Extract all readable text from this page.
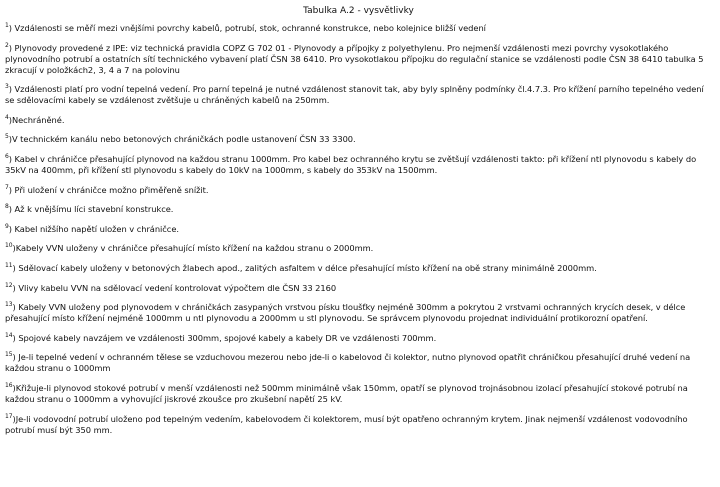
Tabulka A.2 - vysvětlivky
$^1$) Vzdálenosti se měří mezi vnějšími povrchy kabelů, potrubí, stok, ochranné konstrukce, nebo kolejnice bližší vedení
$^2$) Plynovody provedené z IPE: viz technická pravidla COPZ G 702 01 - Plynovody a přípojky z polyethylenu. Pro nejmenší vzdálenosti mezi povrchy vysokotlakého plynovodního potrubí a ostatních sítí technického vybavení platí ČSN 38 6410. Pro vysokotlakou přípojku do regulační stanice se vzdálenosti podle ČSN 38 6410 tabulka 5 zkracují v položkách2, 3, 4 a 7 na polovinu
$^3$) Vzdálenosti platí pro vodní tepelná vedení. Pro parní tepelná je nutné vzdálenost stanovit tak, aby byly splněny podmínky čl.4.7.3. Pro křížení parního tepelného vedení se sdělovacími kabely se vzdálenost zvětšuje u chráněných kabelů na 250mm.
$^4$)Nechráněné.
$^5$)V technickém kanálu nebo betonových chráničkách podle ustanovení ČSN 33 3300.
$^6$) Kabel v chráničce přesahující plynovod na každou stranu 1000mm. Pro kabel bez ochranného krytu se zvětšují vzdálenosti takto: při křížení ntl plynovodu s kabely do 35kV na 400mm, při křížení stl plynovodu s kabely do 10kV na 1000mm, s kabely do 353kV na 1500mm.
$^7$) Při uložení v chráničce možno přiměřeně snížit.
$^8$) Až k vnějšímu líci stavební konstrukce.
$^9$) Kabel nižšího napětí uložen v chráničce.
$^{10}$)Kabely VVN uloženy v chráničce přesahující místo křížení na každou stranu o 2000mm.
$^{11}$) Sdělovací kabely uloženy v betonových žlabech apod., zalitých asfaltem v délce přesahující místo křížení na obě strany minimálně 2000mm.
$^{12}$) Vlivy kabelu VVN na sdělovací vedení kontrolovat výpočtem dle ČSN 33 2160
$^{13}$) Kabely VVN uloženy pod plynovodem v chráničkách zasypaných vrstvou písku tloušťky nejméně 300mm a pokrytou 2 vrstvami ochranných krycích desek, v délce přesahující místo křížení nejméně 1000mm u ntl plynovodu a 2000mm u stl plynovodu. Se správcem plynovodu projednat individuální protikorozní opatření.
$^{14}$) Spojové kabely navzájem ve vzdálenosti 300mm, spojové kabely a kabely DR ve vzdálenosti 700mm.
$^{15}$) Je-li tepelné vedení v ochranném tělese se vzduchovou mezerou nebo jde-li o kabelovod či kolektor, nutno plynovod opatřit chráničkou přesahující druhé vedení na každou stranu o 1000mm
$^{16}$)Křižuje-li plynovod stokové potrubí v menší vzdálenosti než 500mm minimálně však 150mm, opatří se plynovod trojnásobnou izolací přesahující stokové potrubí na každou stranu o 1000mm a vyhovující jiskrové zkoušce pro zkušební napětí 25 kV.
$^{17}$)Je-li vodovodní potrubí uloženo pod tepelným vedením, kabelovodem či kolektorem, musí být opatřeno ochranným krytem. Jinak nejmenší vzdálenost vodovodního potrubí musí být 350 mm.
